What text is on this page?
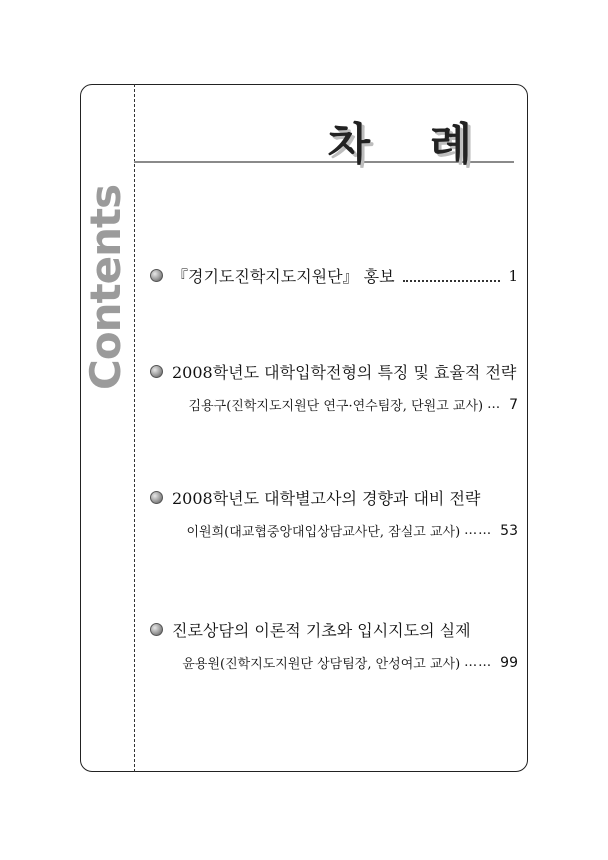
차 례
Contents	『경기도진학지도지원단』 홍보	1
2008학년도 대학입학전형의 특징 및 효율적 전략
김용구(진학지도지원단 연구·연수팀장, 단원고 교사) … 7
2008학년도 대학별고사의 경향과 대비 전략
이원희(대교협중앙대입상담교사단, 잠실고 교사) …… 53
진로상담의 이론적 기초와 입시지도의 실제
윤용원(진학지도지원단 상담팀장, 안성여고 교사) …… 99
